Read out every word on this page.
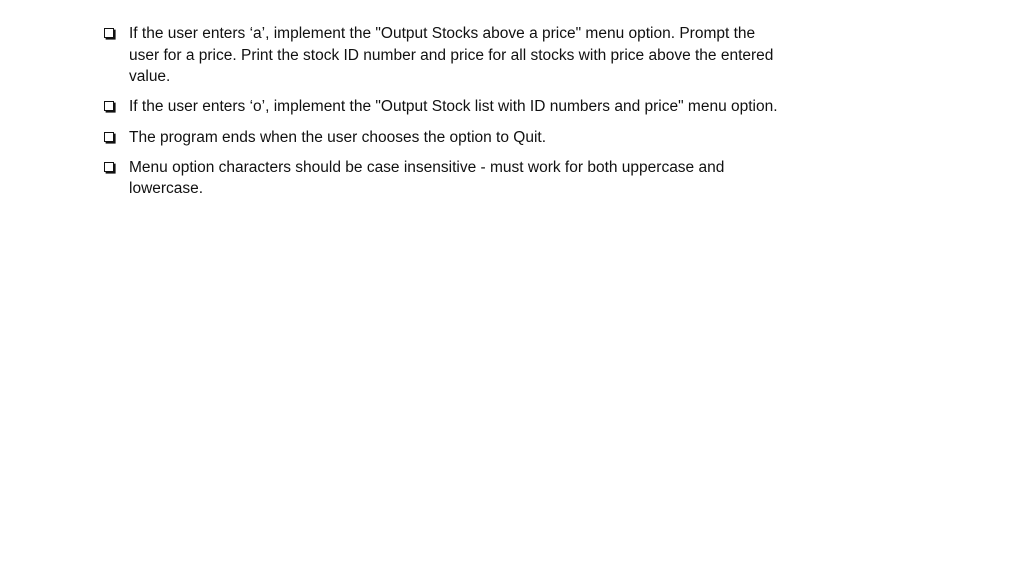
If the user enters ‘a’, implement the "Output Stocks above a price" menu option. Prompt the user for a price. Print the stock ID number and price for all stocks with price above the entered value.
If the user enters ‘o’, implement the "Output Stock list with ID numbers and price" menu option.
The program ends when the user chooses the option to Quit.
Menu option characters should be case insensitive - must work for both uppercase and lowercase.
